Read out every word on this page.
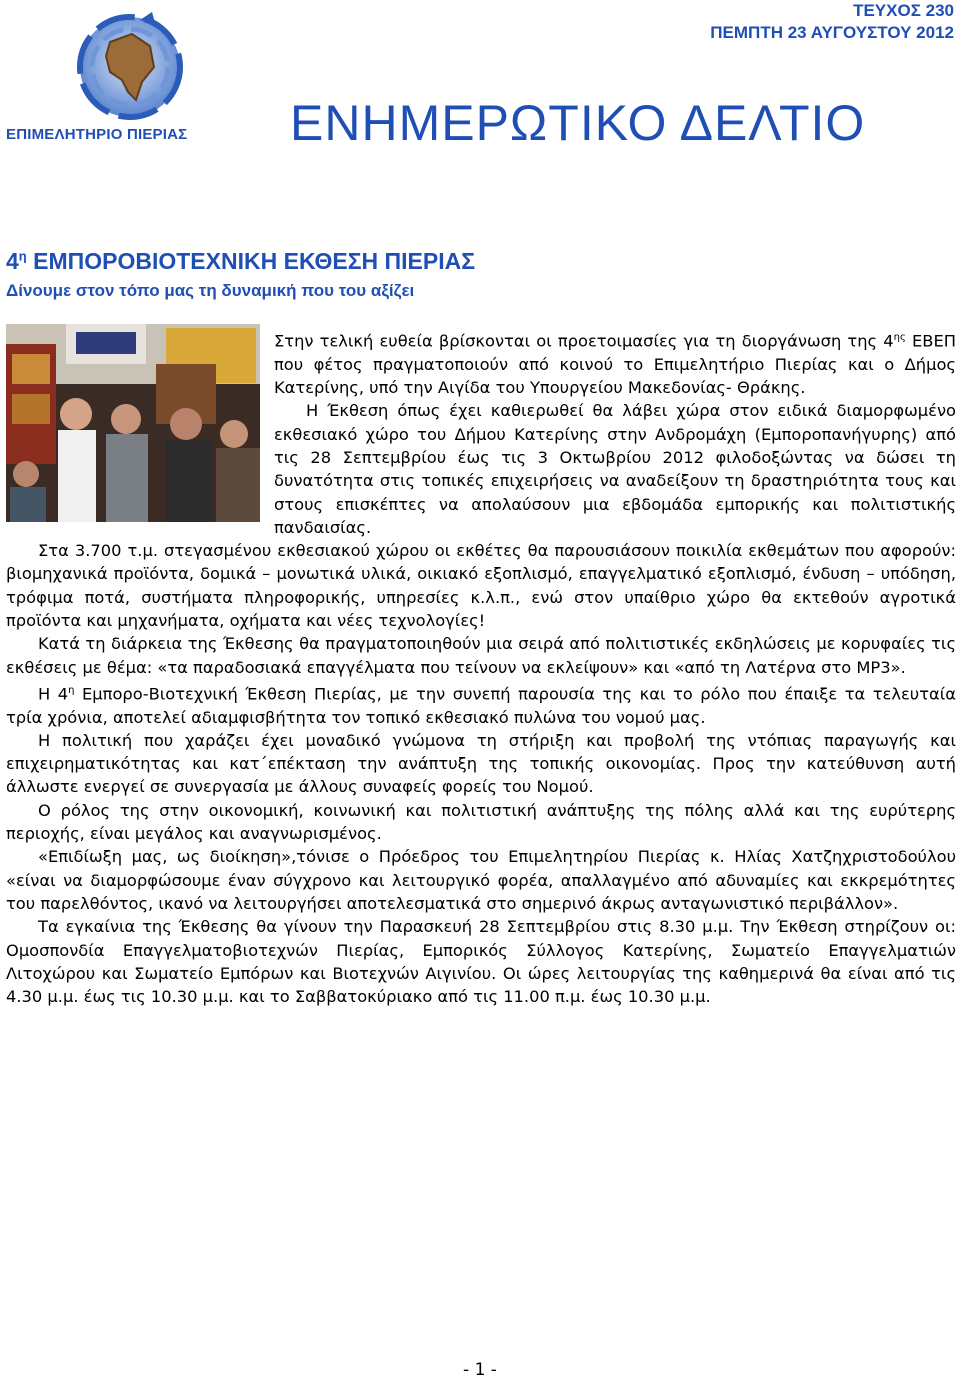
ΤΕΥΧΟΣ 230
ΠΕΜΠΤΗ 23 ΑΥΓΟΥΣΤΟΥ 2012
ΕΠΙΜΕΛΗΤΗΡΙΟ ΠΙΕΡΙΑΣ ΕΝΗΜΕΡΩΤΙΚΟ ΔΕΛΤΙΟ
$4^\eta$ ΕΜΠΟΡΟΒΙΟΤΕΧΝΙΚΗ ΕΚΘΕΣΗ ΠΙΕΡΙΑΣ
Δίνουμε στον τόπο μας τη δυναμική που του αξίζει

Στην τελική ευθεία βρίσκονται οι προετοιμασίες για τη διοργάνωση της $4^{\eta\varsigma}$ ΕΒΕΠ που φέτος πραγματοποιούν από κοινού το Επιμελητήριο Πιερίας και ο Δήμος Κατερίνης, υπό την Αιγίδα του Υπουργείου Μακεδονίας- Θράκης.

Η Έκθεση όπως έχει καθιερωθεί θα λάβει χώρα στον ειδικά διαμορφωμένο εκθεσιακό χώρο του Δήμου Κατερίνης στην Ανδρομάχη (Εμποροπανήγυρης) από τις 28 Σεπτεμβρίου έως τις 3 Οκτωβρίου 2012 φιλοδοξώντας να δώσει τη δυνατότητα στις τοπικές επιχειρήσεις να αναδείξουν τη δραστηριότητα τους και στους επισκέπτες να απολαύσουν μια εβδομάδα εμπορικής και πολιτιστικής πανδαισίας.

Στα 3.700 τ.μ. στεγασμένου εκθεσιακού χώρου οι εκθέτες θα παρουσιάσουν ποικιλία εκθεμάτων που αφορούν: βιομηχανικά προϊόντα, δομικά – μονωτικά υλικά, οικιακό εξοπλισμό, επαγγελματικό εξοπλισμό, ένδυση – υπόδηση, τρόφιμα ποτά, συστήματα πληροφορικής, υπηρεσίες κ.λ.π., ενώ στον υπαίθριο χώρο θα εκτεθούν αγροτικά προϊόντα και μηχανήματα, οχήματα και νέες τεχνολογίες!

Κατά τη διάρκεια της Έκθεσης θα πραγματοποιηθούν μια σειρά από πολιτιστικές εκδηλώσεις με κορυφαίες τις εκθέσεις με θέμα: «τα παραδοσιακά επαγγέλματα που τείνουν να εκλείψουν» και «από τη Λατέρνα στο MP3».

Η $4^\eta$ Εμπορο-Βιοτεχνική Έκθεση Πιερίας, με την συνεπή παρουσία της και το ρόλο που έπαιξε τα τελευταία τρία χρόνια, αποτελεί αδιαμφισβήτητα τον τοπικό εκθεσιακό πυλώνα του νομού μας.

Η πολιτική που χαράζει έχει μοναδικό γνώμονα τη στήριξη και προβολή της ντόπιας παραγωγής και επιχειρηματικότητας και κατ΄επέκταση την ανάπτυξη της τοπικής οικονομίας. Προς την κατεύθυνση αυτή άλλωστε ενεργεί σε συνεργασία με άλλους συναφείς φορείς του Νομού.

Ο ρόλος της στην οικονομική, κοινωνική και πολιτιστική ανάπτυξης της πόλης αλλά και της ευρύτερης περιοχής, είναι μεγάλος και αναγνωρισμένος.

«Επιδίωξη μας, ως διοίκηση»,τόνισε ο Πρόεδρος του Επιμελητηρίου Πιερίας κ. Ηλίας Χατζηχριστοδούλου «είναι να διαμορφώσουμε έναν σύγχρονο και λειτουργικό φορέα, απαλλαγμένο από αδυναμίες και εκκρεμότητες του παρελθόντος, ικανό να λειτουργήσει αποτελεσματικά στο σημερινό άκρως ανταγωνιστικό περιβάλλον».

Τα εγκαίνια της Έκθεσης θα γίνουν την Παρασκευή 28 Σεπτεμβρίου στις 8.30 μ.μ. Την Έκθεση στηρίζουν οι: Ομοσπονδία Επαγγελματοβιοτεχνών Πιερίας, Εμπορικός Σύλλογος Κατερίνης, Σωματείο Επαγγελματιών Λιτοχώρου και Σωματείο Εμπόρων και Βιοτεχνών Αιγινίου. Οι ώρες λειτουργίας της καθημερινά θα είναι από τις 4.30 μ.μ. έως τις 10.30 μ.μ. και το Σαββατοκύριακο από τις 11.00 π.μ. έως 10.30 μ.μ.

- 1 -
